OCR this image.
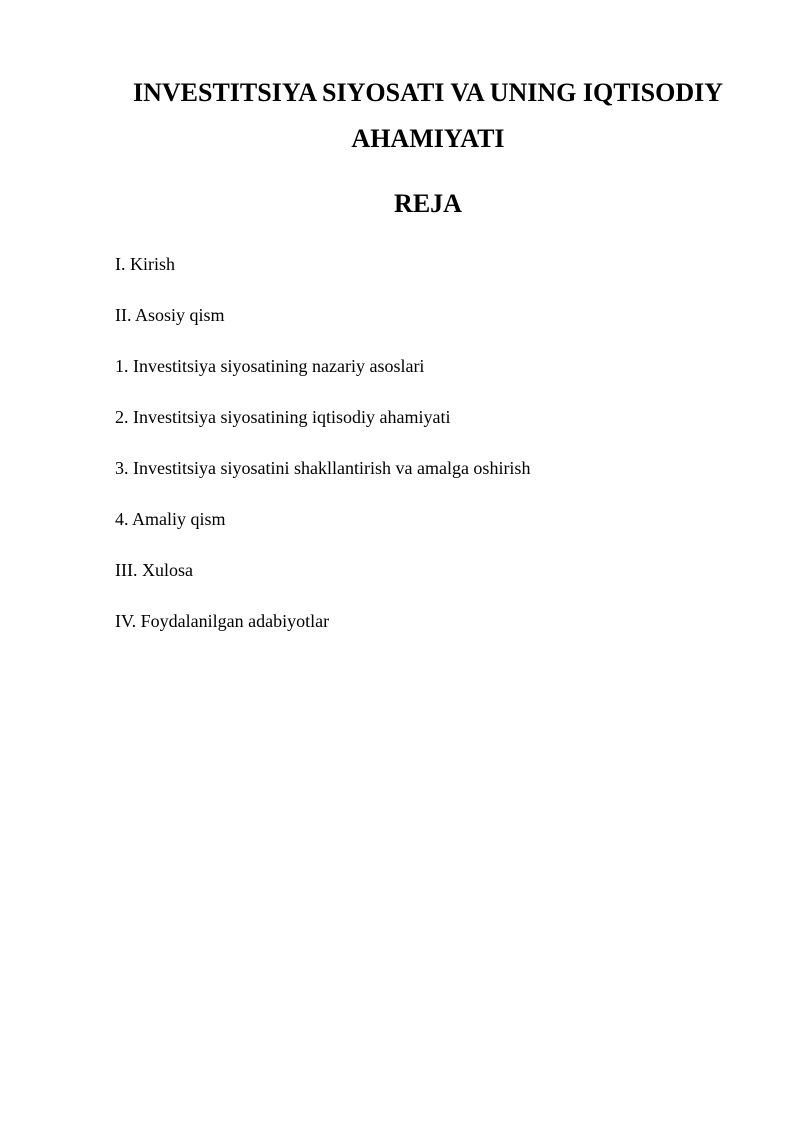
INVESTITSIYA SIYOSATI VA UNING IQTISODIY
AHAMIYATI
REJA
I. Kirish
II. Asosiy qism
1. Investitsiya siyosatining nazariy asoslari
2. Investitsiya siyosatining iqtisodiy ahamiyati
3. Investitsiya siyosatini shakllantirish va amalga oshirish
4. Amaliy qism
III. Xulosa
IV. Foydalanilgan adabiyotlar
